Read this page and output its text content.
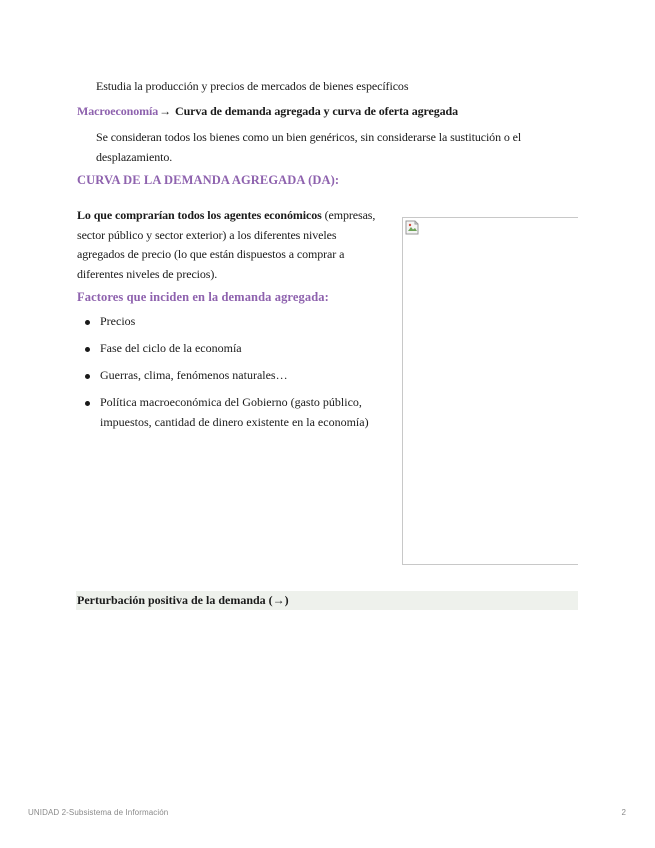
Estudia la producción y precios de mercados de bienes específicos
Macroeconomía→ Curva de demanda agregada y curva de oferta agregada
Se consideran todos los bienes como un bien genéricos, sin considerarse la sustitución o el desplazamiento.
CURVA DE LA DEMANDA AGREGADA (DA):
Lo que comprarían todos los agentes económicos (empresas, sector público y sector exterior) a los diferentes niveles agregados de precio (lo que están dispuestos a comprar a diferentes niveles de precios).
Factores que inciden en la demanda agregada:
Precios
Fase del ciclo de la economía
Guerras, clima, fenómenos naturales…
Política macroeconómica del Gobierno (gasto público, impuestos, cantidad de dinero existente en la economía)
Perturbación positiva de la demanda (→)
UNIDAD 2-Subsistema de Información	2
